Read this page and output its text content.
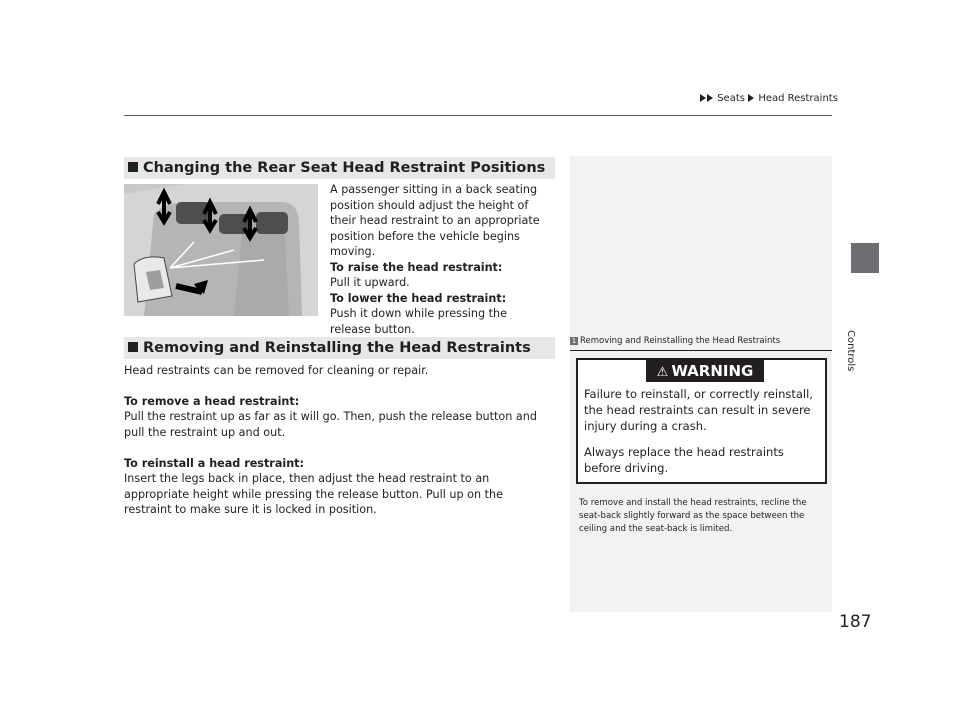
Seats Head Restraints
Controls
Changing the Rear Seat Head Restraint Positions
A passenger sitting in a back seating position should adjust the height of their head restraint to an appropriate position before the vehicle begins moving.
To raise the head restraint:
Pull it upward.
To lower the head restraint:
Push it down while pressing the release button.
Removing and Reinstalling the Head Restraints
Head restraints can be removed for cleaning or repair.
To remove a head restraint:
Pull the restraint up as far as it will go. Then, push the release button and pull the restraint up and out.
To reinstall a head restraint:
Insert the legs back in place, then adjust the head restraint to an appropriate height while pressing the release button. Pull up on the restraint to make sure it is locked in position.
1 Removing and Reinstalling the Head Restraints
⚠ WARNING
Failure to reinstall, or correctly reinstall, the head restraints can result in severe injury during a crash.
Always replace the head restraints before driving.
To remove and install the head restraints, recline the seat-back slightly forward as the space between the ceiling and the seat-back is limited.
187
